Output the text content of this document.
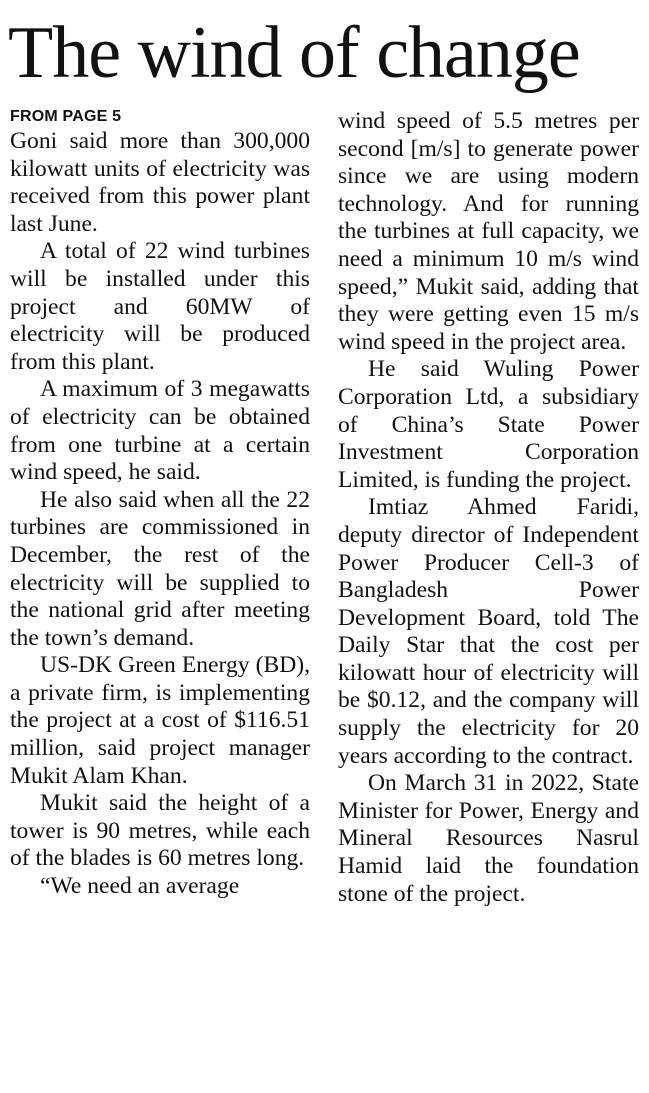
The wind of change
FROM PAGE 5

Goni said more than 300,000 kilowatt units of electricity was received from this power plant last June.

A total of 22 wind turbines will be installed under this project and 60MW of electricity will be produced from this plant.

A maximum of 3 megawatts of electricity can be obtained from one turbine at a certain wind speed, he said.

He also said when all the 22 turbines are commissioned in December, the rest of the electricity will be supplied to the national grid after meeting the town’s demand.

US-DK Green Energy (BD), a private firm, is implementing the project at a cost of $116.51 million, said project manager Mukit Alam Khan.

Mukit said the height of a tower is 90 metres, while each of the blades is 60 metres long.

“We need an average

wind speed of 5.5 metres per second [m/s] to generate power since we are using modern technology. And for running the turbines at full capacity, we need a minimum 10 m/s wind speed,” Mukit said, adding that they were getting even 15 m/s wind speed in the project area.

He said Wuling Power Corporation Ltd, a subsidiary of China’s State Power Investment Corporation Limited, is funding the project.

Imtiaz Ahmed Faridi, deputy director of Independent Power Producer Cell-3 of Bangladesh Power Development Board, told The Daily Star that the cost per kilowatt hour of electricity will be $0.12, and the company will supply the electricity for 20 years according to the contract.

On March 31 in 2022, State Minister for Power, Energy and Mineral Resources Nasrul Hamid laid the foundation stone of the project.
